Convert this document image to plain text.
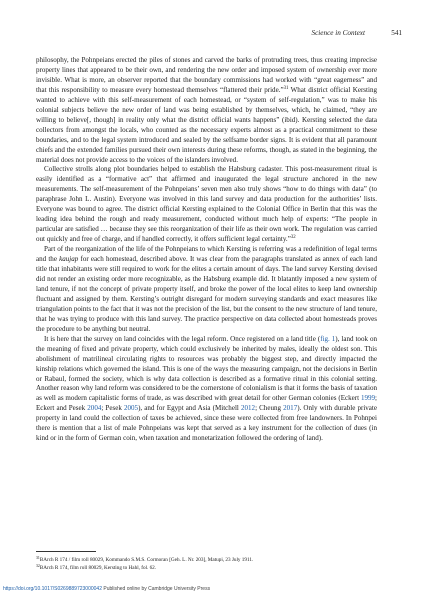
Science in Context	541

philosophy, the Pohnpeians erected the piles of stones and carved the barks of protruding trees, thus creating imprecise property lines that appeared to be their own, and rendering the new order and imposed system of ownership ever more invisible. What is more, an observer reported that the boundary commissions had worked with “great eagerness” and that this responsibility to measure every homestead themselves “flattered their pride.”$^{31}$ What district official Kersting wanted to achieve with this self-measurement of each homestead, or “system of self-regulation,” was to make his colonial subjects believe the new order of land was being established by themselves, which, he claimed, “they are willing to believe[, though] in reality only what the district official wants happens” (ibid). Kersting selected the data collectors from amongst the locals, who counted as the necessary experts almost as a practical commitment to these boundaries, and to the legal system introduced and sealed by the selfsame border signs. It is evident that all paramount chiefs and the extended families pursued their own interests during these reforms, though, as stated in the beginning, the material does not provide access to the voices of the islanders involved.

Collective strolls along plot boundaries helped to establish the Habsburg cadaster. This post-measurement ritual is easily identified as a “formative act” that affirmed and inaugurated the legal structure anchored in the new measurements. The self-measurement of the Pohnpeians’ seven men also truly shows “how to do things with data” (to paraphrase John L. Austin). Everyone was involved in this land survey and data production for the authorities’ lists. Everyone was bound to agree. The district official Kersting explained to the Colonial Office in Berlin that this was the leading idea behind the rough and ready measurement, conducted without much help of experts: “The people in particular are satisfied … because they see this reorganization of their life as their own work. The regulation was carried out quickly and free of charge, and if handled correctly, it offers sufficient legal certainty.”$^{32}$

Part of the reorganization of the life of the Pohnpeians to which Kersting is referring was a redefinition of legal terms and the kaujap for each homestead, described above. It was clear from the paragraphs translated as annex of each land title that inhabitants were still required to work for the elites a certain amount of days. The land survey Kersting devised did not render an existing order more recognizable, as the Habsburg example did. It blatantly imposed a new system of land tenure, if not the concept of private property itself, and broke the power of the local elites to keep land ownership fluctuant and assigned by them. Kersting’s outright disregard for modern surveying standards and exact measures like triangulation points to the fact that it was not the precision of the list, but the consent to the new structure of land tenure, that he was trying to produce with this land survey. The practice perspective on data collected about homesteads proves the procedure to be anything but neutral.

It is here that the survey on land coincides with the legal reform. Once registered on a land title (fig. 1), land took on the meaning of fixed and private property, which could exclusively be inherited by males, ideally the oldest son. This abolishment of matrilineal circulating rights to resources was probably the biggest step, and directly impacted the kinship relations which governed the island. This is one of the ways the measuring campaign, not the decisions in Berlin or Rabaul, formed the society, which is why data collection is described as a formative ritual in this colonial setting. Another reason why land reform was considered to be the cornerstone of colonialism is that it forms the basis of taxation as well as modern capitalistic forms of trade, as was described with great detail for other German colonies (Eckert 1999; Eckert and Pesek 2004; Pesek 2005), and for Egypt and Asia (Mitchell 2012; Cheung 2017). Only with durable private property in land could the collection of taxes be achieved, since these were collected from free landowners. In Pohnpei there is mention that a list of male Pohnpeians was kept that served as a key instrument for the collection of dues (in kind or in the form of German coin, when taxation and monetarization followed the ordering of land).

$^{31}$BArch R 174 / film roll 80029, Kommando S.M.S. Cormoran [Geh. L. Nr. 203], Matupi, 23 July 1911.

$^{32}$BArch R 174, film roll 80029, Kersting to Hahl, fol. 62.

https://doi.org/10.1017/S0269889723000042 Published online by Cambridge University Press
